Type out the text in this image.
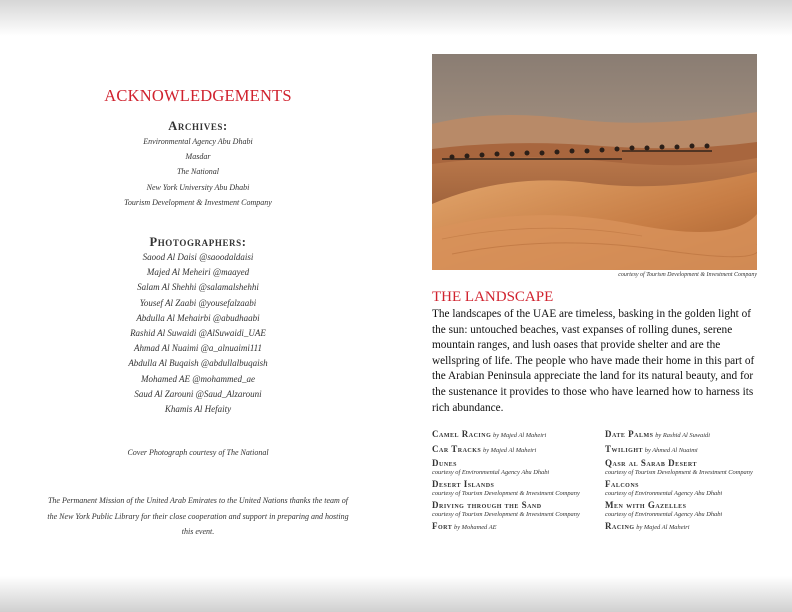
ACKNOWLEDGEMENTS

Archives:

Environmental Agency Abu Dhabi
Masdar
The National
New York University Abu Dhabi
Tourism Development & Investment Company

Photographers:

Saood Al Daisi @saoodaldaisi
Majed Al Meheiri @maayed
Salam Al Shehhi @salamalshehhi
Yousef Al Zaabi @yousefalzaabi
Abdulla Al Mehairbi @abudhaabi
Rashid Al Suwaidi @AlSuwaidi_UAE
Ahmad Al Nuaimi @a_alnuaimi111
Abdulla Al Buqaish @abdullalbuqaish
Mohamed AE @mohammed_ae
Saud Al Zarouni @Saud_Alzarouni
Khamis Al Hefaity
Cover Photograph courtesy of The National
The Permanent Mission of the United Arab Emirates to the United Nations thanks the team of the New York Public Library for their close cooperation and support in preparing and hosting this event.
courtesy of Tourism Development & Investment Company
THE LANDSCAPE
The landscapes of the UAE are timeless, basking in the golden light of the sun: untouched beaches, vast expanses of rolling dunes, serene mountain ranges, and lush oases that provide shelter and are the wellspring of life. The people who have made their home in this part of the Arabian Peninsula appreciate the land for its natural beauty, and for the sustenance it provides to those who have learned how to harness its rich abundance.
Camel Racing by Majed Al Maheiri
Car Tracks by Majed Al Maheiri
Dunes
courtesy of Environmental Agency Abu Dhabi
Desert Islands
courtesy of Tourism Development & Investment Company
Driving through the Sand
courtesy of Tourism Development & Investment Company
Fort by Mohamed AE
Date Palms by Rashid Al Suwaidi
Twilight by Ahmed Al Nuaimi
Qasr al Sarab Desert
courtesy of Tourism Development & Investment Company
Falcons
courtesy of Environmental Agency Abu Dhabi
Men with Gazelles
courtesy of Environmental Agency Abu Dhabi
Racing by Majed Al Maheiri
